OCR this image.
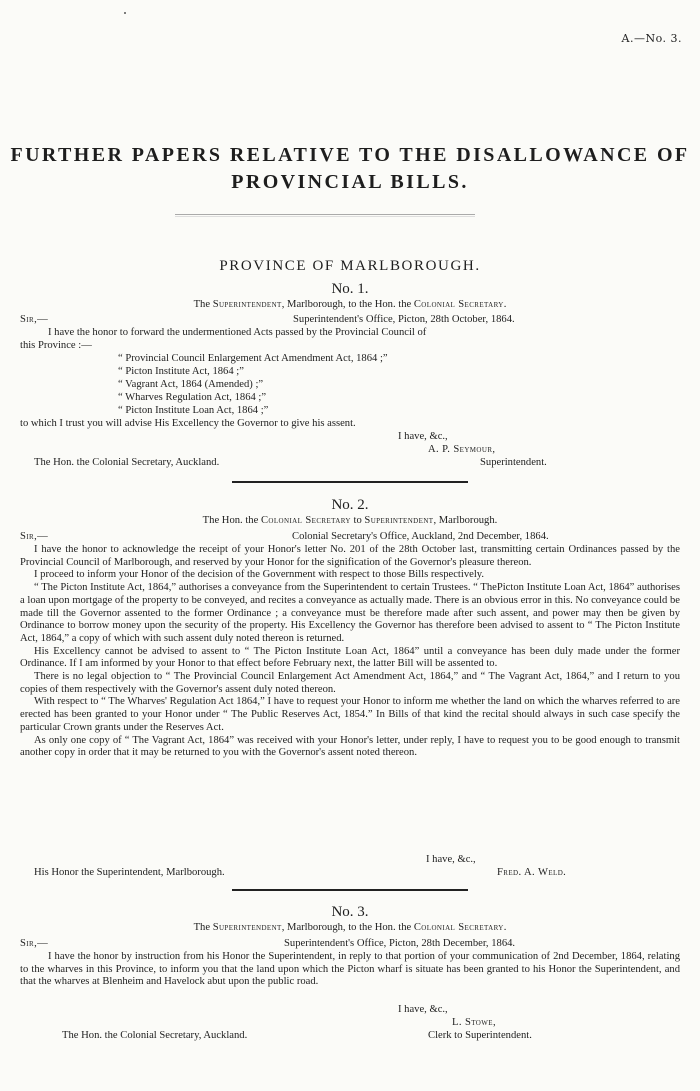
A.—No. 3.
FURTHER PAPERS RELATIVE TO THE DISALLOWANCE OF
PROVINCIAL BILLS.
PROVINCE OF MARLBOROUGH.
No. 1.
The Superintendent, Marlborough, to the Hon. the Colonial Secretary.
Sir,—	Superintendent's Office, Picton, 28th October, 1864.
I have the honor to forward the undermentioned Acts passed by the Provincial Council of
this Province :—
“ Provincial Council Enlargement Act Amendment Act, 1864 ;”
“ Picton Institute Act, 1864 ;”
“ Vagrant Act, 1864 (Amended) ;”
“ Wharves Regulation Act, 1864 ;”
“ Picton Institute Loan Act, 1864 ;”
to which I trust you will advise His Excellency the Governor to give his assent.
I have, &c.,
A. P. Seymour,
The Hon. the Colonial Secretary, Auckland.	Superintendent.
No. 2.
The Hon. the Colonial Secretary to Superintendent, Marlborough.
Sir,—	Colonial Secretary's Office, Auckland, 2nd December, 1864.

I have the honor to acknowledge the receipt of your Honor's letter No. 201 of the 28th October last, transmitting certain Ordinances passed by the Provincial Council of Marlborough, and reserved by your Honor for the signification of the Governor's pleasure thereon.

I proceed to inform your Honor of the decision of the Government with respect to those Bills respectively.

“ The Picton Institute Act, 1864,” authorises a conveyance from the Superintendent to certain Trustees. “ ThePicton Institute Loan Act, 1864” authorises a loan upon mortgage of the property to be conveyed, and recites a conveyance as actually made. There is an obvious error in this. No conveyance could be made till the Governor assented to the former Ordinance ; a conveyance must be therefore made after such assent, and power may then be given by Ordinance to borrow money upon the security of the property. His Excellency the Governor has therefore been advised to assent to “ The Picton Institute Act, 1864,” a copy of which with such assent duly noted thereon is returned.

His Excellency cannot be advised to assent to “ The Picton Institute Loan Act, 1864” until a conveyance has been duly made under the former Ordinance. If I am informed by your Honor to that effect before February next, the latter Bill will be assented to.

There is no legal objection to “ The Provincial Council Enlargement Act Amendment Act, 1864,” and “ The Vagrant Act, 1864,” and I return to you copies of them respectively with the Governor's assent duly noted thereon.

With respect to “ The Wharves' Regulation Act 1864,” I have to request your Honor to inform me whether the land on which the wharves referred to are erected has been granted to your Honor under “ The Public Reserves Act, 1854.” In Bills of that kind the recital should always in such case specify the particular Crown grants under the Reserves Act.

As only one copy of “ The Vagrant Act, 1864” was received with your Honor's letter, under reply, I have to request you to be good enough to transmit another copy in order that it may be returned to you with the Governor's assent noted thereon.

I have, &c.,
His Honor the Superintendent, Marlborough.	Fred. A. Weld.
No. 3.
The Superintendent, Marlborough, to the Hon. the Colonial Secretary.
Sir,—	Superintendent's Office, Picton, 28th December, 1864.

I have the honor by instruction from his Honor the Superintendent, in reply to that portion of your communication of 2nd December, 1864, relating to the wharves in this Province, to inform you that the land upon which the Picton wharf is situate has been granted to his Honor the Superintendent, and that the wharves at Blenheim and Havelock abut upon the public road.

I have, &c.,
L. Stowe,
The Hon. the Colonial Secretary, Auckland.	Clerk to Superintendent.
